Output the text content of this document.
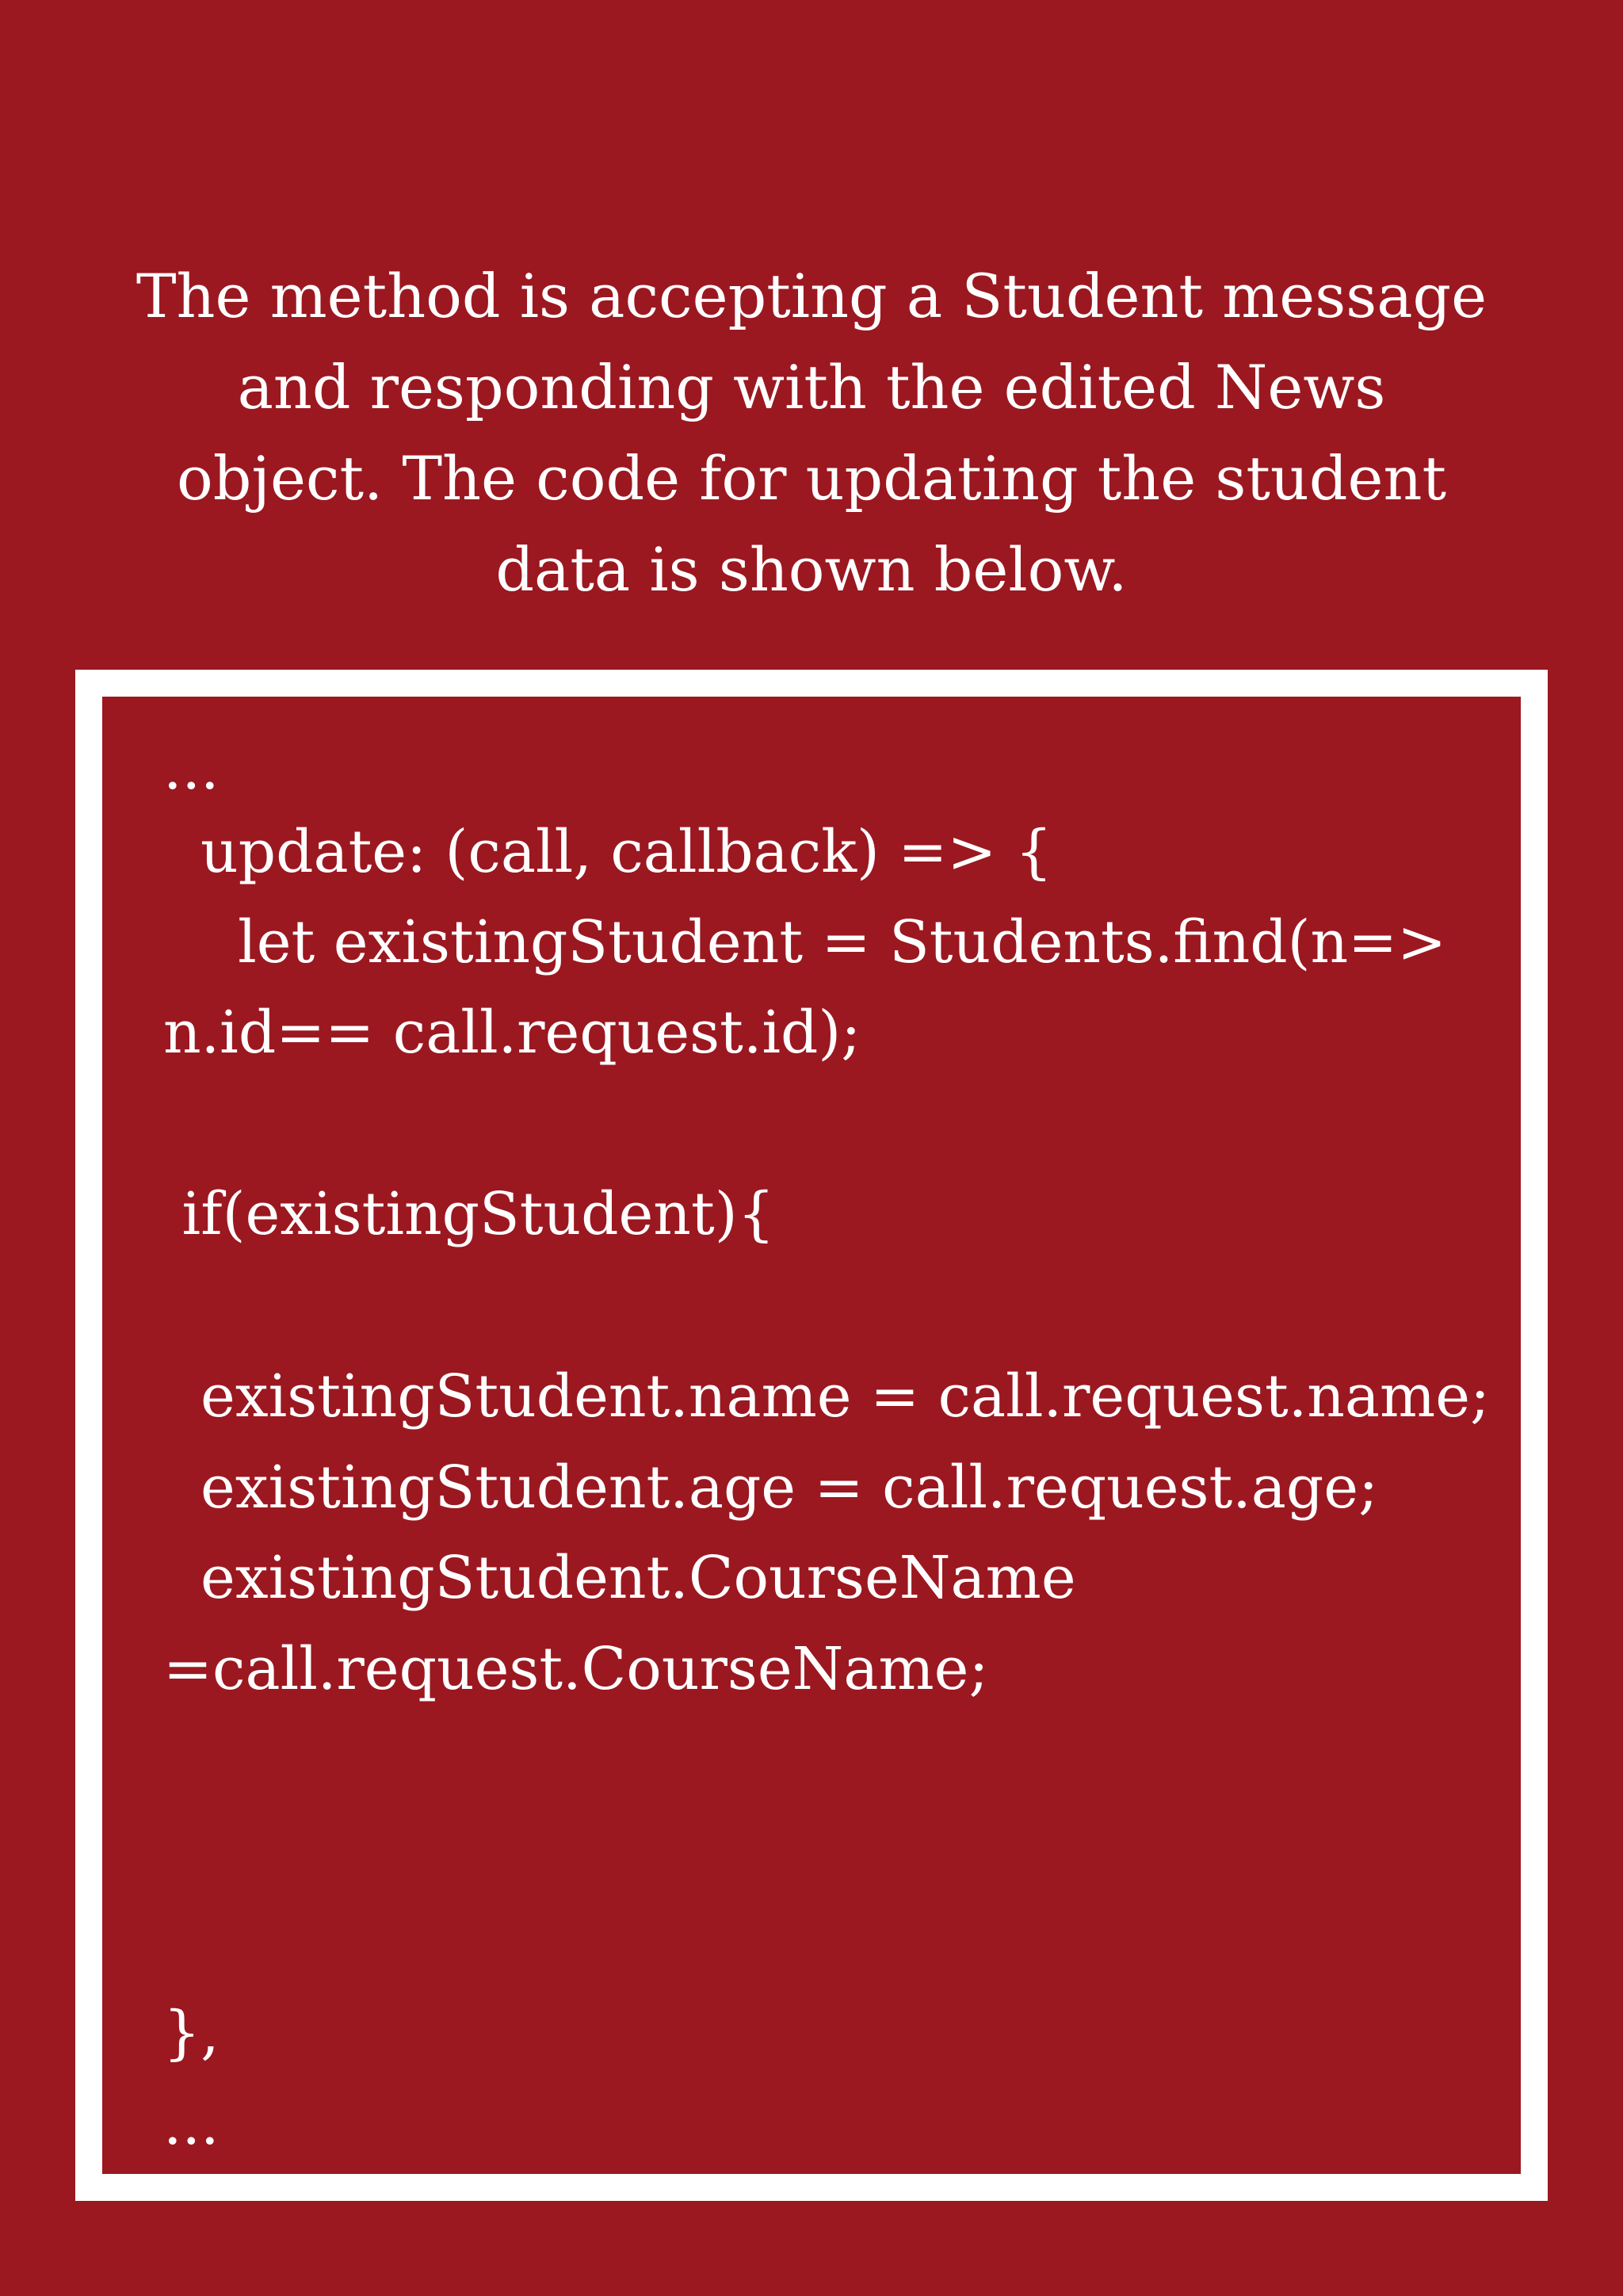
The method is accepting a Student message
and responding with the edited News
object. The code for updating the student
data is shown below.
...
update: (call, callback) => {
let existingStudent = Students.find(n=>
n.id== call.request.id);
if(existingStudent){
existingStudent.name = call.request.name;
existingStudent.age = call.request.age;
existingStudent.CourseName
=call.request.CourseName;
},
...
